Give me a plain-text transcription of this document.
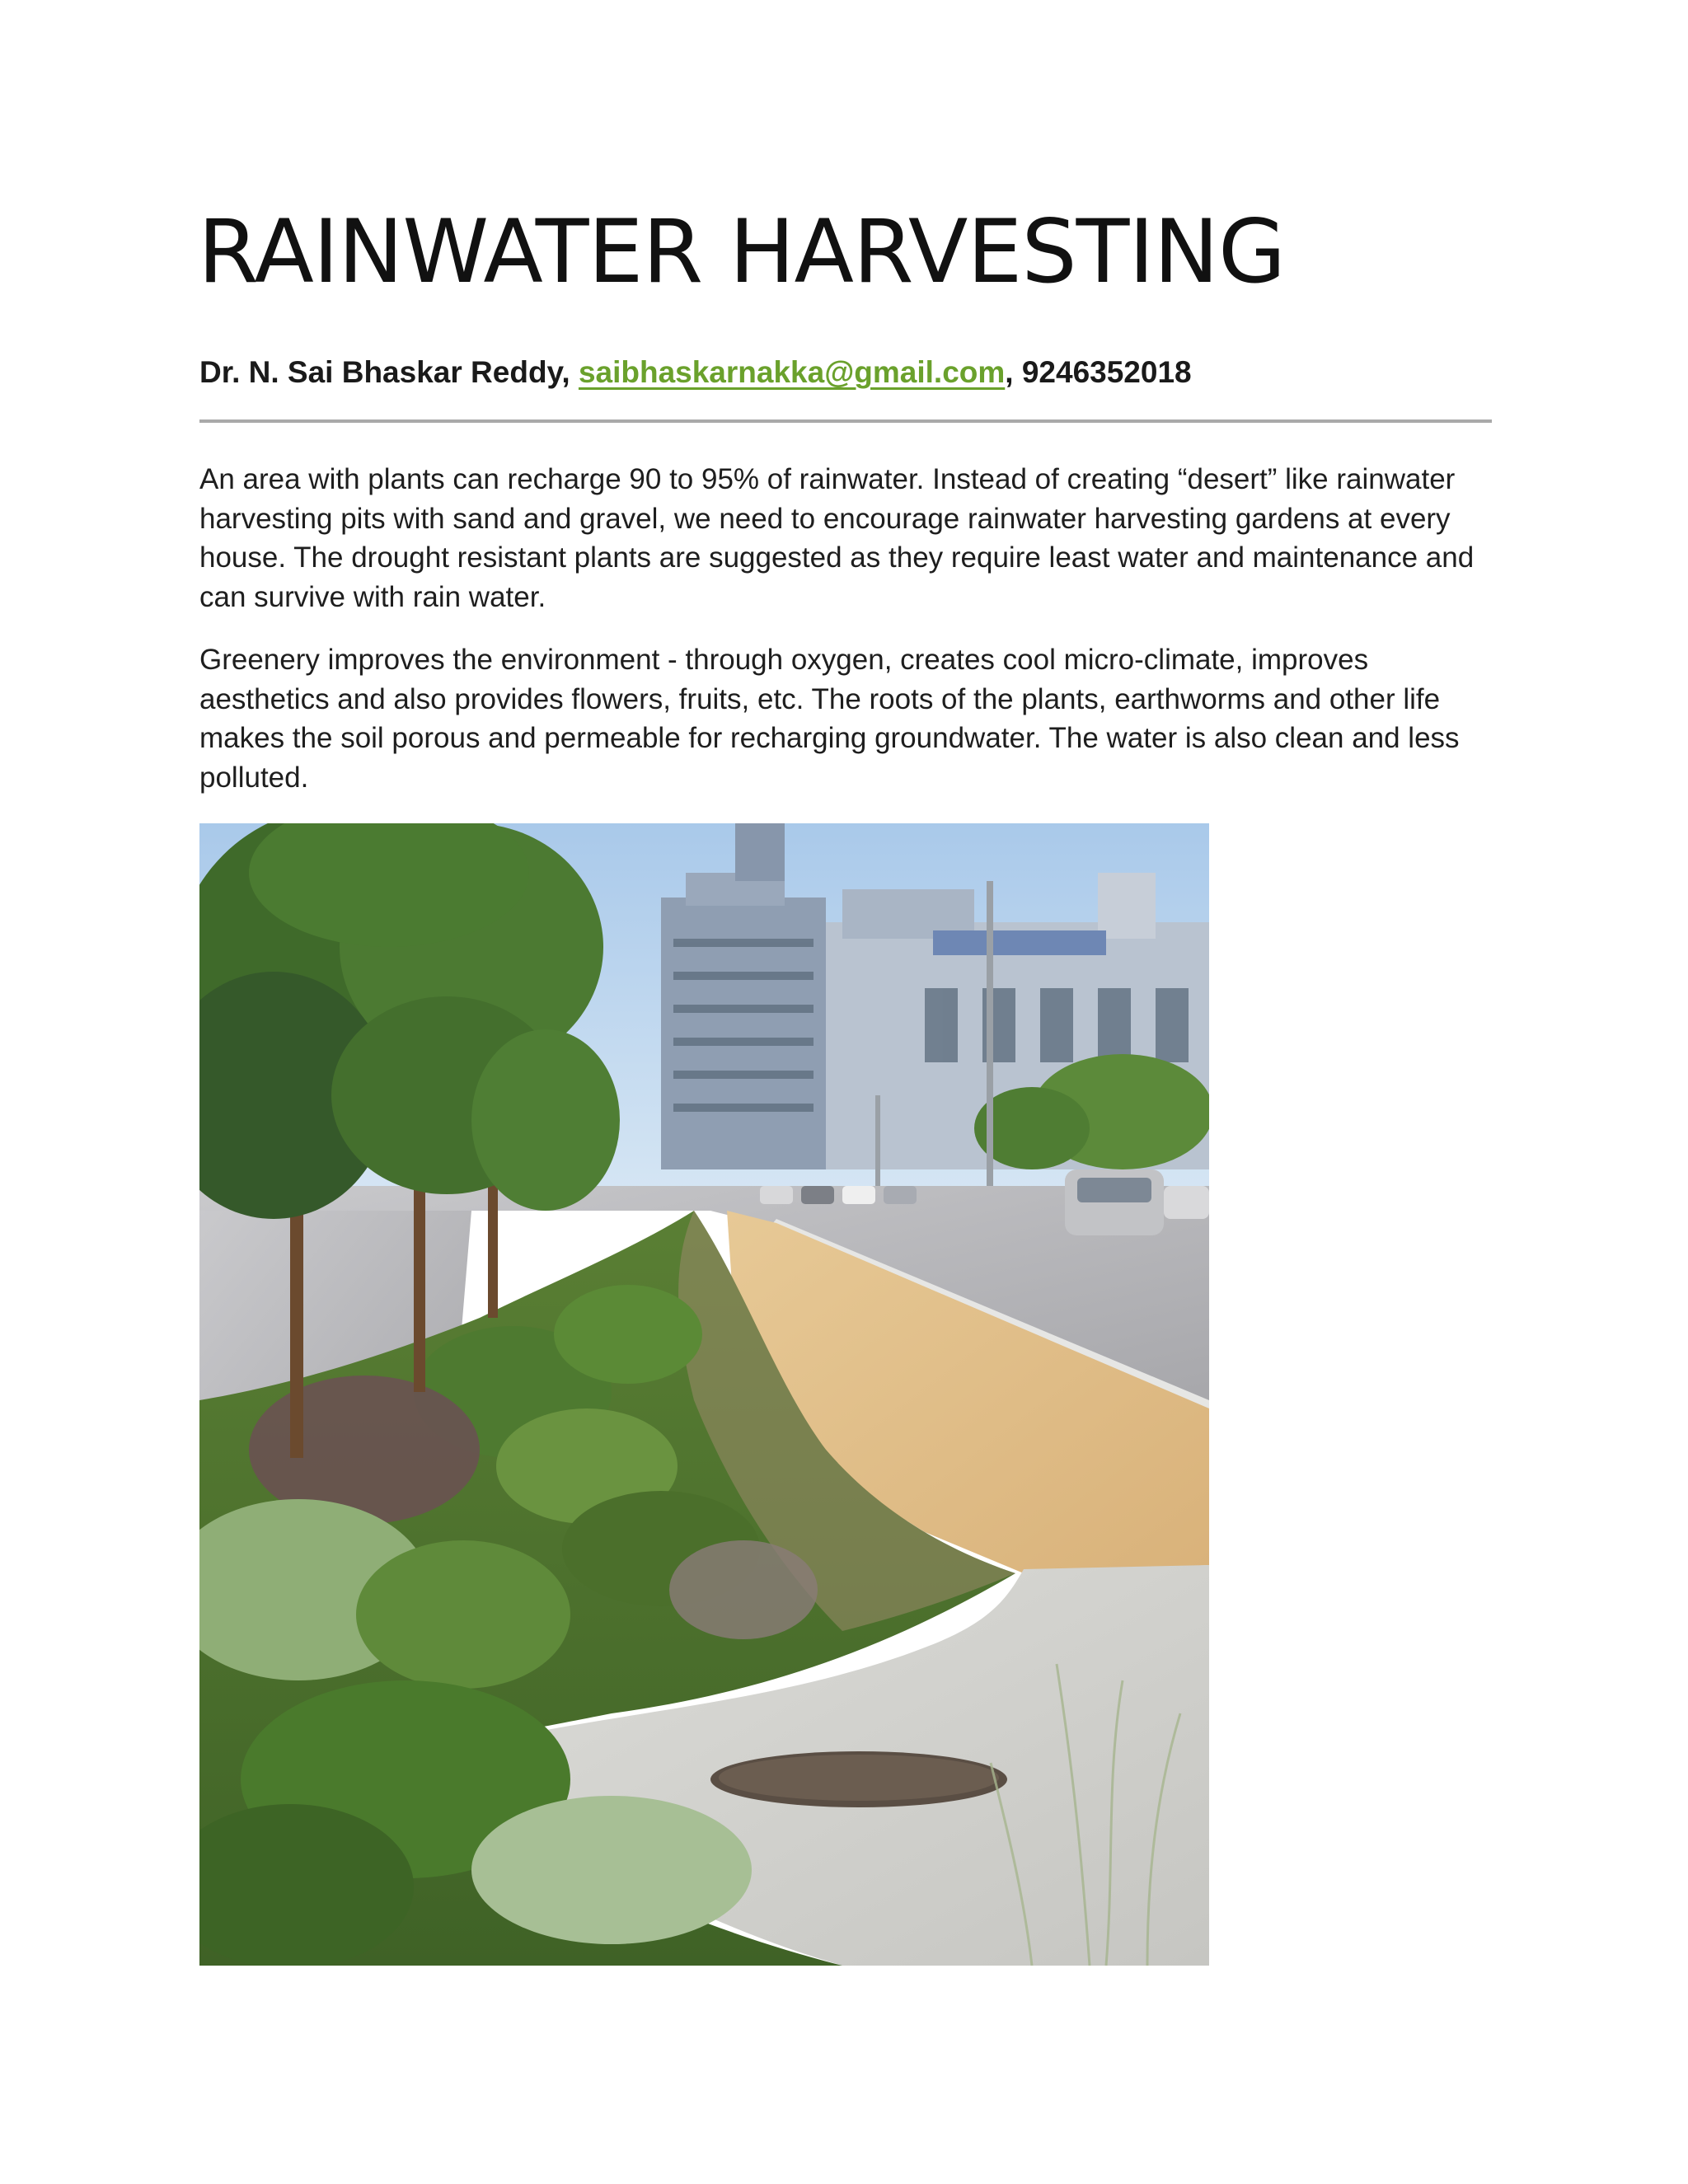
RAINWATER HARVESTING
Dr. N. Sai Bhaskar Reddy, saibhaskarnakka@gmail.com, 9246352018

An area with plants can recharge 90 to 95% of rainwater. Instead of creating “desert” like rainwater harvesting pits with sand and gravel, we need to encourage rainwater harvesting gardens at every house. The drought resistant plants are suggested as they require least water and maintenance and can survive with rain water.

Greenery improves the environment - through oxygen, creates cool micro-climate, improves aesthetics and also provides flowers, fruits, etc. The roots of the plants, earthworms and other life makes the soil porous and permeable for recharging groundwater. The water is also clean and less polluted.
